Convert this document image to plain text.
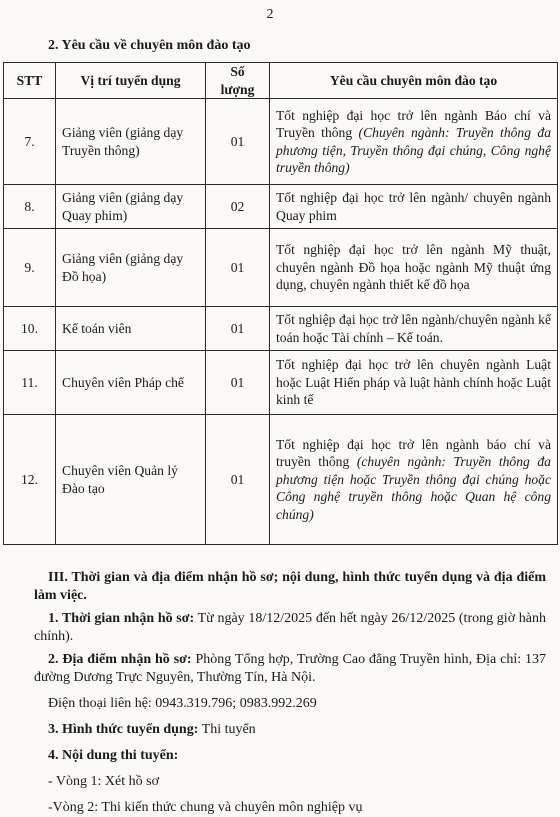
2
2. Yêu cầu về chuyên môn đào tạo
STT	Vị trí tuyển dụng	Số lượng	Yêu cầu chuyên môn đào tạo
7.	Giảng viên (giảng dạy Truyền thông)	01	Tốt nghiệp đại học trở lên ngành Báo chí và Truyền thông (Chuyên ngành: Truyền thông đa phương tiện, Truyền thông đại chúng, Công nghệ truyền thông)
8.	Giảng viên (giảng dạy Quay phim)	02	Tốt nghiệp đại học trở lên ngành/ chuyên ngành Quay phim
9.	Giảng viên (giảng dạy Đồ họa)	01	Tốt nghiệp đại học trở lên ngành Mỹ thuật, chuyên ngành Đồ họa hoặc ngành Mỹ thuật ứng dụng, chuyên ngành thiết kế đồ họa
10.	Kế toán viên	01	Tốt nghiệp đại học trở lên ngành/chuyên ngành kế toán hoặc Tài chính – Kế toán.
11.	Chuyên viên Pháp chế	01	Tốt nghiệp đại học trở lên chuyên ngành Luật hoặc Luật Hiến pháp và luật hành chính hoặc Luật kinh tế
12.	Chuyên viên Quản lý Đào tạo	01	Tốt nghiệp đại học trở lên ngành báo chí và truyền thông (chuyên ngành: Truyền thông đa phương tiện hoặc Truyền thông đại chúng hoặc Công nghệ truyền thông hoặc Quan hệ công chúng)

III. Thời gian và địa điểm nhận hồ sơ; nội dung, hình thức tuyển dụng và địa điểm làm việc.

1. Thời gian nhận hồ sơ: Từ ngày 18/12/2025 đến hết ngày 26/12/2025 (trong giờ hành chính).

2. Địa điểm nhận hồ sơ: Phòng Tổng hợp, Trường Cao đẳng Truyền hình, Địa chỉ: 137 đường Dương Trực Nguyên, Thường Tín, Hà Nội.

Điện thoại liên hệ: 0943.319.796; 0983.992.269

3. Hình thức tuyển dụng: Thi tuyển

4. Nội dung thi tuyển:

- Vòng 1: Xét hồ sơ

-Vòng 2: Thi kiến thức chung và chuyên môn nghiệp vụ
